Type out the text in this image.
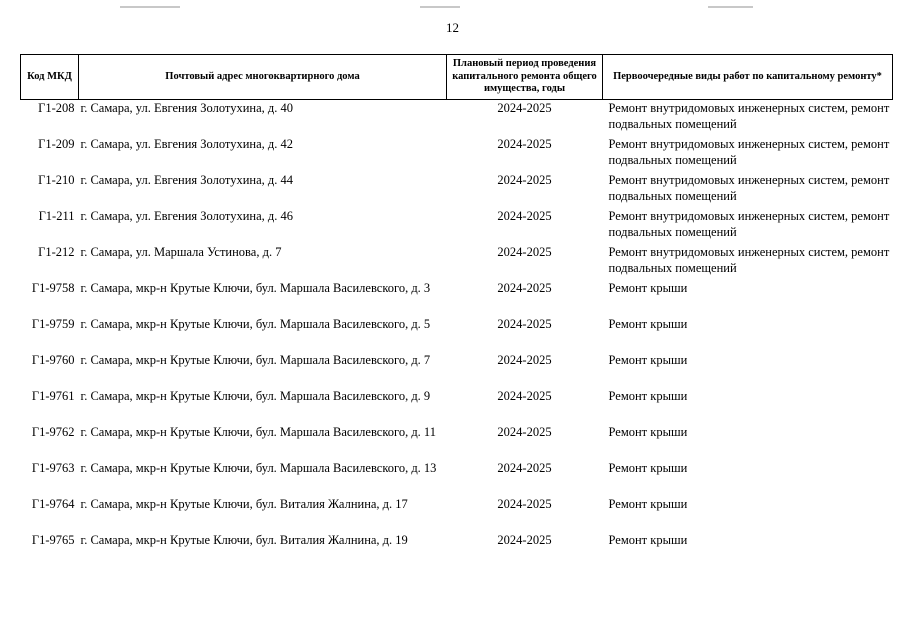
12
Код МКД	Почтовый адрес многоквартирного дома	Плановый период проведения капитального ремонта общего имущества, годы	Первоочередные виды работ по капитальному ремонту*
Г1-208	г. Самара, ул. Евгения Золотухина, д. 40	2024-2025	Ремонт внутридомовых инженерных систем, ремонт подвальных помещений
Г1-209	г. Самара, ул. Евгения Золотухина, д. 42	2024-2025	Ремонт внутридомовых инженерных систем, ремонт подвальных помещений
Г1-210	г. Самара, ул. Евгения Золотухина, д. 44	2024-2025	Ремонт внутридомовых инженерных систем, ремонт подвальных помещений
Г1-211	г. Самара, ул. Евгения Золотухина, д. 46	2024-2025	Ремонт внутридомовых инженерных систем, ремонт подвальных помещений
Г1-212	г. Самара, ул. Маршала Устинова, д. 7	2024-2025	Ремонт внутридомовых инженерных систем, ремонт подвальных помещений
Г1-9758	г. Самара, мкр-н Крутые Ключи, бул. Маршала Василевского, д. 3	2024-2025	Ремонт крыши
Г1-9759	г. Самара, мкр-н Крутые Ключи, бул. Маршала Василевского, д. 5	2024-2025	Ремонт крыши
Г1-9760	г. Самара, мкр-н Крутые Ключи, бул. Маршала Василевского, д. 7	2024-2025	Ремонт крыши
Г1-9761	г. Самара, мкр-н Крутые Ключи, бул. Маршала Василевского, д. 9	2024-2025	Ремонт крыши
Г1-9762	г. Самара, мкр-н Крутые Ключи, бул. Маршала Василевского, д. 11	2024-2025	Ремонт крыши
Г1-9763	г. Самара, мкр-н Крутые Ключи, бул. Маршала Василевского, д. 13	2024-2025	Ремонт крыши
Г1-9764	г. Самара, мкр-н Крутые Ключи, бул. Виталия Жалнина, д. 17	2024-2025	Ремонт крыши
Г1-9765	г. Самара, мкр-н Крутые Ключи, бул. Виталия Жалнина, д. 19	2024-2025	Ремонт крыши
